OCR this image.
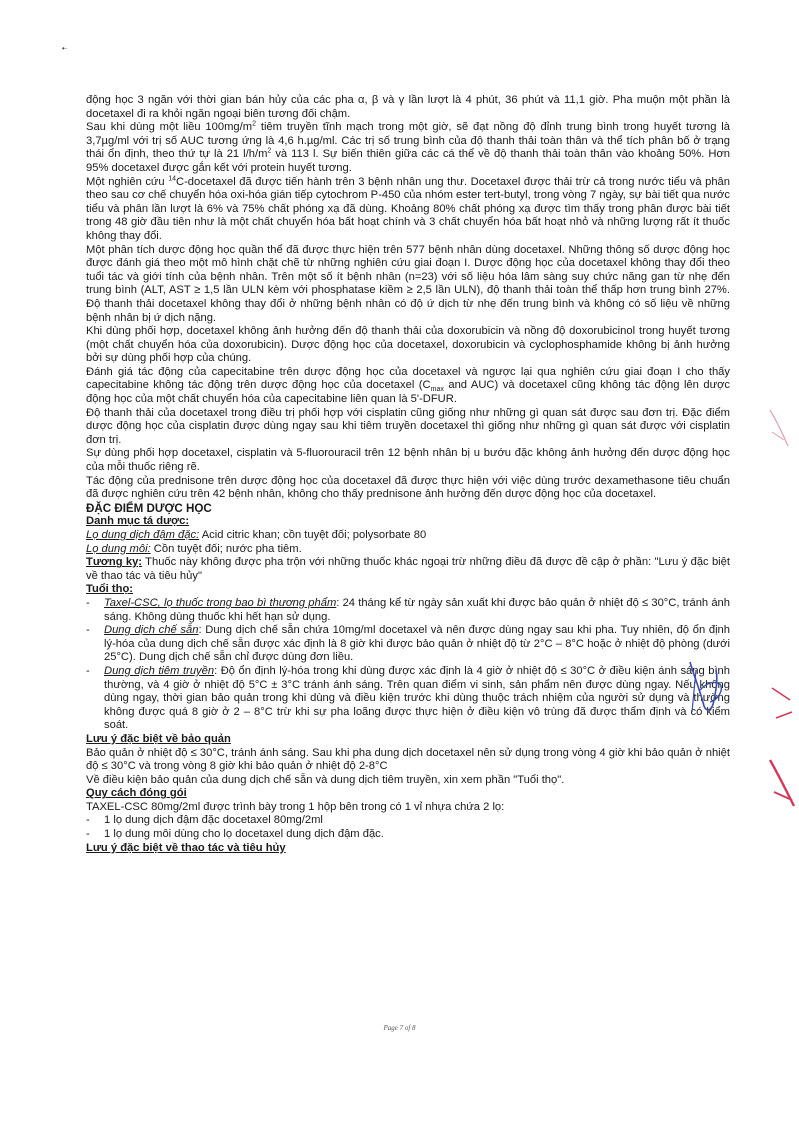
•·

động học 3 ngăn với thời gian bán hủy của các pha α, β và γ lần lượt là 4 phút, 36 phút và 11,1 giờ. Pha muộn một phần là docetaxel đi ra khỏi ngăn ngoại biên tương đối chậm.

Sau khi dùng một liều $100mg/m^2$ tiêm truyền tĩnh mạch trong một giờ, sẽ đạt nồng độ đỉnh trung bình trong huyết tương là 3,7µg/ml với trị số AUC tương ứng là 4,6 h.µg/ml. Các trị số trung bình của độ thanh thải toàn thân và thể tích phân bố ở trạng thái ổn định, theo thứ tự là 21 $l/h/m^2$ và 113 l. Sự biến thiên giữa các cá thể về độ thanh thải toàn thân vào khoảng 50%. Hơn 95% docetaxel được gắn kết với protein huyết tương.

Một nghiên cứu $^{14}$C-docetaxel đã được tiến hành trên 3 bệnh nhân ung thư. Docetaxel được thải trừ cả trong nước tiểu và phân theo sau cơ chế chuyển hóa oxi-hóa gián tiếp cytochrom P-450 của nhóm ester tert-butyl, trong vòng 7 ngày, sự bài tiết qua nước tiểu và phân lần lượt là 6% và 75% chất phóng xạ đã dùng. Khoảng 80% chất phóng xạ được tìm thấy trong phân được bài tiết trong 48 giờ đầu tiên như là một chất chuyển hóa bất hoạt chính và 3 chất chuyển hóa bất hoạt nhỏ và những lượng rất ít thuốc không thay đổi.

Một phân tích dược động học quần thể đã được thực hiện trên 577 bệnh nhân dùng docetaxel. Những thông số dược động học được đánh giá theo một mô hình chặt chẽ từ những nghiên cứu giai đoạn I. Dược động học của docetaxel không thay đổi theo tuổi tác và giới tính của bệnh nhân. Trên một số ít bệnh nhân (n=23) với số liệu hóa lâm sàng suy chức năng gan từ nhẹ đến trung bình (ALT, AST ≥ 1,5 lần ULN kèm với phosphatase kiềm ≥ 2,5 lần ULN), độ thanh thải toàn thể thấp hơn trung bình 27%. Độ thanh thải docetaxel không thay đổi ở những bệnh nhân có độ ứ dịch từ nhẹ đến trung bình và không có số liệu về những bệnh nhân bị ứ dịch nặng.

Khi dùng phối hợp, docetaxel không ảnh hưởng đến độ thanh thải của doxorubicin và nồng độ doxorubicinol trong huyết tương (một chất chuyển hóa của doxorubicin). Dược động học của docetaxel, doxorubicin và cyclophosphamide không bị ảnh hưởng bởi sự dùng phối hợp của chúng.

Đánh giá tác động của capecitabine trên dược động học của docetaxel và ngược lại qua nghiên cứu giai đoạn I cho thấy capecitabine không tác động trên dược động học của docetaxel ($C_{max}$ and AUC) và docetaxel cũng không tác động lên dược động học của một chất chuyển hóa của capecitabine liên quan là 5'-DFUR.

Độ thanh thải của docetaxel trong điều trị phối hợp với cisplatin cũng giống như những gì quan sát được sau đơn trị. Đặc điểm dược động học của cisplatin được dùng ngay sau khi tiêm truyền docetaxel thì giống như những gì quan sát được với cisplatin đơn trị.

Sự dùng phối hợp docetaxel, cisplatin và 5-fluorouracil trên 12 bệnh nhân bị u bướu đặc không ảnh hưởng đến dược động học của mỗi thuốc riêng rẽ.

Tác động của prednisone trên dược động học của docetaxel đã được thực hiện với việc dùng trước dexamethasone tiêu chuẩn đã được nghiên cứu trên 42 bệnh nhân, không cho thấy prednisone ảnh hưởng đến dược động học của docetaxel.

ĐẶC ĐIỂM DƯỢC HỌC

Danh mục tá dược:

Lọ dung dịch đậm đặc: Acid citric khan; cồn tuyệt đối; polysorbate 80

Lọ dung môi: Cồn tuyệt đối; nước pha tiêm.

Tương kỵ: Thuốc này không được pha trộn với những thuốc khác ngoại trừ những điều đã được đề cập ở phần: "Lưu ý đặc biệt về thao tác và tiêu hủy"

Tuổi thọ:

-	Taxel-CSC, lọ thuốc trong bao bì thương phẩm: 24 tháng kể từ ngày sản xuất khi được bảo quản ở nhiệt độ ≤ 30°C, tránh ánh sáng. Không dùng thuốc khi hết hạn sử dụng.
-	Dung dịch chế sẵn: Dung dịch chế sẵn chứa 10mg/ml docetaxel và nên được dùng ngay sau khi pha. Tuy nhiên, độ ổn định lý-hóa của dung dịch chế sẵn được xác định là 8 giờ khi được bảo quản ở nhiệt độ từ 2°C – 8°C hoặc ở nhiệt độ phòng (dưới 25°C). Dung dịch chế sẵn chỉ được dùng đơn liều.
-	Dung dịch tiêm truyền: Độ ổn định lý-hóa trong khi dùng được xác định là 4 giờ ở nhiệt độ ≤ 30°C ở điều kiện ánh sáng bình thường, và 4 giờ ở nhiệt độ 5°C ± 3°C tránh ánh sáng. Trên quan điểm vi sinh, sản phẩm nên được dùng ngay. Nếu không dùng ngay, thời gian bảo quản trong khi dùng và điều kiện trước khi dùng thuộc trách nhiệm của người sử dụng và thường không được quá 8 giờ ở 2 – 8°C trừ khi sự pha loãng được thực hiện ở điều kiện vô trùng đã được thẩm định và có kiểm soát.

Lưu ý đặc biệt về bảo quản

Bảo quản ở nhiệt độ ≤ 30°C, tránh ánh sáng. Sau khi pha dung dịch docetaxel nên sử dụng trong vòng 4 giờ khi bảo quản ở nhiệt độ ≤ 30°C và trong vòng 8 giờ khi bảo quản ở nhiệt độ 2-8°C

Về điều kiện bảo quản của dung dịch chế sẵn và dung dịch tiêm truyền, xin xem phần "Tuổi thọ".

Quy cách đóng gói

TAXEL-CSC 80mg/2ml được trình bày trong 1 hộp bên trong có 1 vỉ nhựa chứa 2 lọ:

-	1 lọ dung dịch đậm đặc docetaxel 80mg/2ml
-	1 lọ dung môi dùng cho lọ docetaxel dung dịch đậm đặc.

Lưu ý đặc biệt về thao tác và tiêu hủy

Page 7 of 8
